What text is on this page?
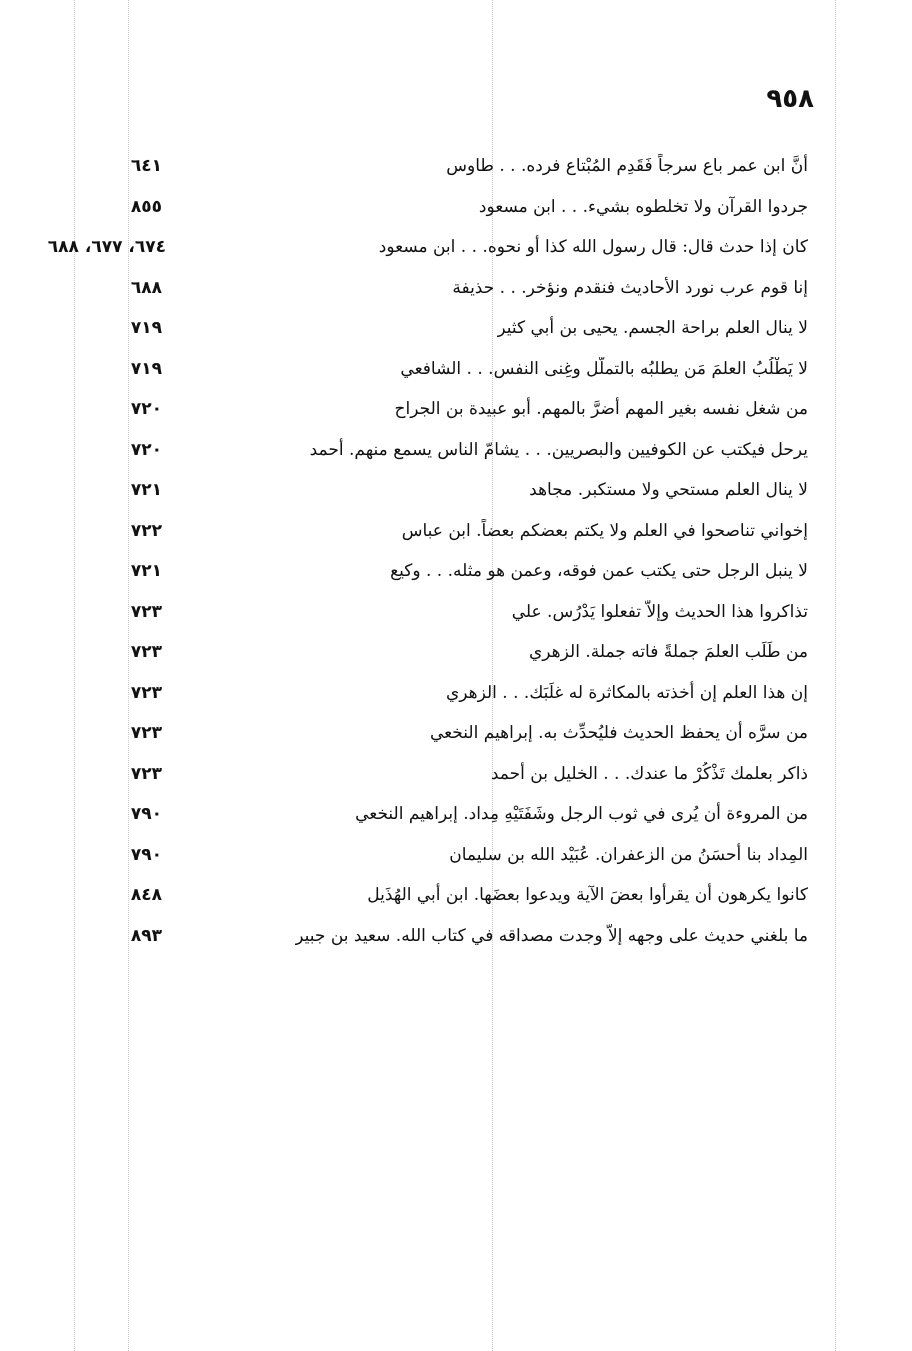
٩٥٨
أنَّ ابن عمر باع سرجاً فَقَدِم المُبْتاع فرده. . . طاوس
٦٤١
جردوا القرآن ولا تخلطوه بشيء. . . ابن مسعود
٨٥٥
كان إذا حدث قال: قال رسول الله كذا أو نحوه. . . ابن مسعود
٦٧٤، ٦٧٧، ٦٨٨
إنا قوم عرب نورد الأحاديث فنقدم ونؤخر. . . حذيفة
٦٨٨
لا ينال العلم براحة الجسم. يحيى بن أبي كثير
٧١٩
لا يَطْلُبُ العلمَ مَن يطلبُه بالتملُّل وغِنى النفس. . . الشافعي
٧١٩
من شغل نفسه بغير المهم أضرَّ بالمهم. أبو عبيدة بن الجراح
٧٢٠
يرحل فيكتب عن الكوفيين والبصريين. . . يشامّ الناس يسمع منهم. أحمد
٧٢٠
لا ينال العلم مستحي ولا مستكبر. مجاهد
٧٢١
إخواني تناصحوا في العلم ولا يكتم بعضكم بعضاً. ابن عباس
٧٢٢
لا ينبل الرجل حتى يكتب عمن فوقه، وعمن هو مثله. . . وكيع
٧٢١
تذاكروا هذا الحديث وإلاَّ تفعلوا يَدْرُس. علي
٧٢٣
من طَلَب العلمَ جملةً فاته جملة. الزهري
٧٢٣
إن هذا العلم إن أخذته بالمكاثرة له غلَبَك. . . الزهري
٧٢٣
من سرَّه أن يحفظ الحديث فليُحدِّث به. إبراهيم النخعي
٧٢٣
ذاكر بعلمك تَذْكُرْ ما عندك. . . الخليل بن أحمد
٧٢٣
من المروءة أن يُرى في ثوب الرجل وشَفَتَيْهِ مِداد. إبراهيم النخعي
٧٩٠
المِداد بنا أحسَنُ من الزعفران. عُبَيْد الله بن سليمان
٧٩٠
كانوا يكرهون أن يقرأوا بعضَ الآية ويدعوا بعضَها. ابن أبي الهُذَيل
٨٤٨
ما بلغني حديث على وجهه إلاَّ وجدت مصداقه في كتاب الله. سعيد بن جبير
٨٩٣
